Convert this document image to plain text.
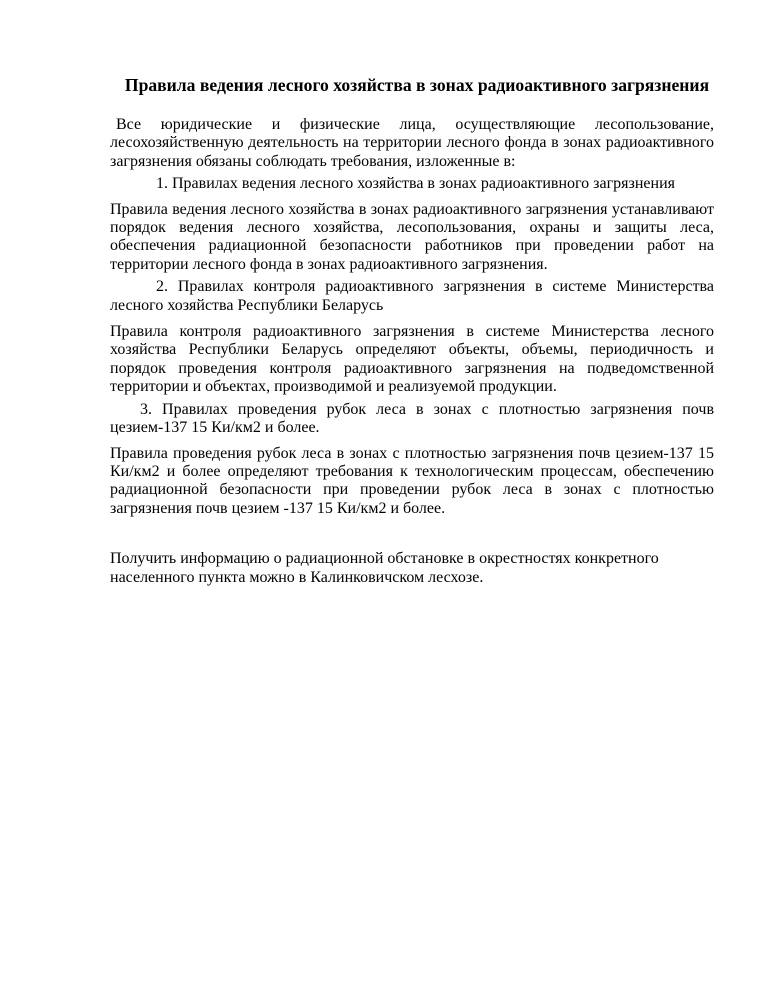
Правила ведения лесного хозяйства в зонах радиоактивного загрязнения

Все юридические и физические лица, осуществляющие лесопользование, лесохозяйственную деятельность на территории лесного фонда в зонах радиоактивного загрязнения обязаны соблюдать требования, изложенные в:

1. Правилах ведения лесного хозяйства в зонах радиоактивного загрязнения

Правила ведения лесного хозяйства в зонах радиоактивного загрязнения устанавливают порядок ведения лесного хозяйства, лесопользования, охраны и защиты леса, обеспечения радиационной безопасности работников при проведении работ на территории лесного фонда в зонах радиоактивного загрязнения.

2. Правилах контроля радиоактивного загрязнения в системе Министерства лесного хозяйства Республики Беларусь

Правила контроля радиоактивного загрязнения в системе Министерства лесного хозяйства Республики Беларусь определяют объекты, объемы, периодичность и порядок проведения контроля радиоактивного загрязнения на подведомственной территории и объектах, производимой и реализуемой продукции.

3. Правилах проведения рубок леса в зонах с плотностью загрязнения почв цезием-137 15 Ки/км2 и более.

Правила проведения рубок леса в зонах с плотностью загрязнения почв цезием-137 15 Ки/км2 и более определяют требования к технологическим процессам, обеспечению радиационной безопасности при проведении рубок леса в зонах с плотностью загрязнения почв цезием -137 15 Ки/км2 и более.

Получить информацию о радиационной обстановке в окрестностях конкретного населенного пункта можно в Калинковичском лесхозе.
